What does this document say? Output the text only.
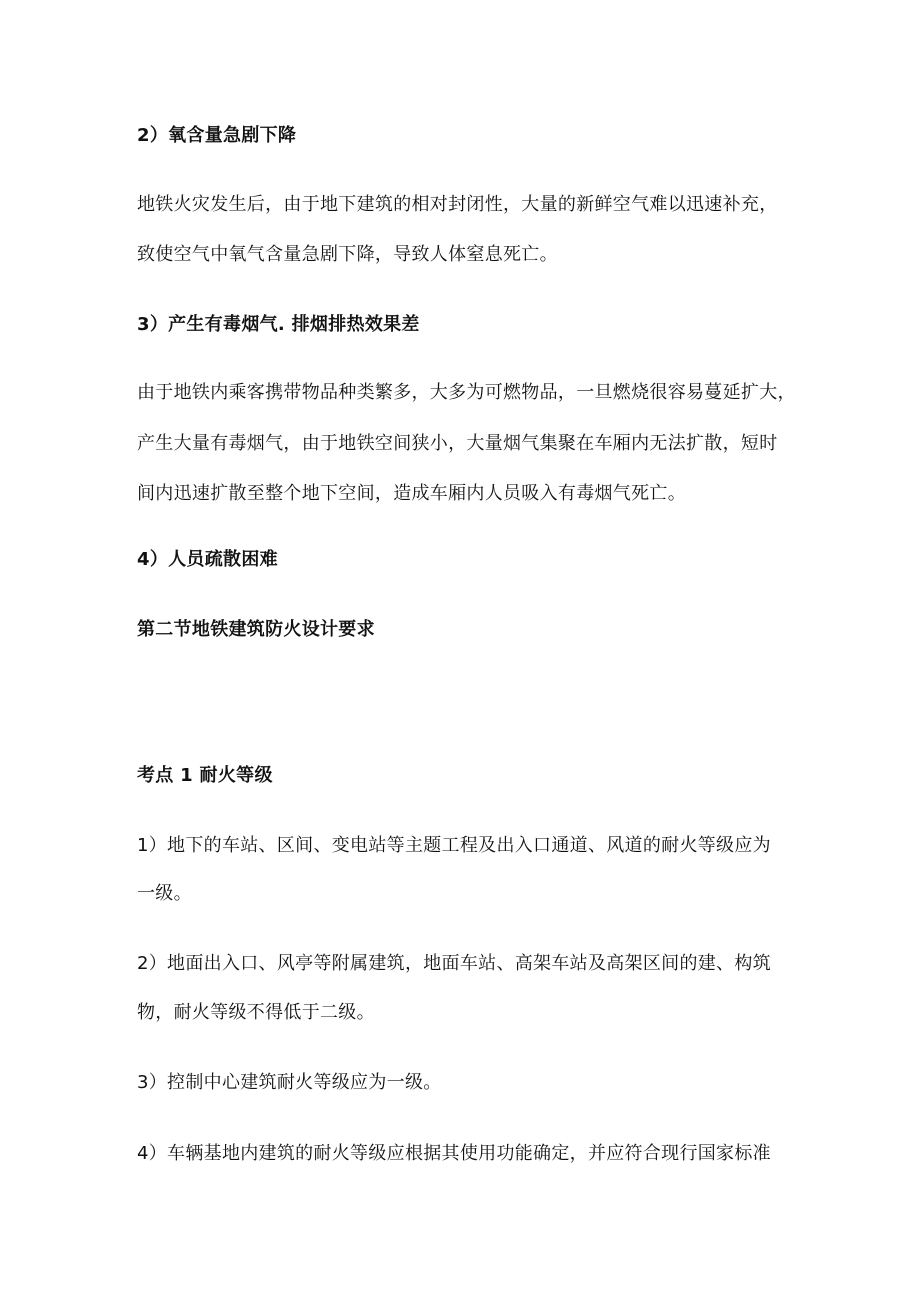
2）氧含量急剧下降
地铁火灾发生后，由于地下建筑的相对封闭性，大量的新鲜空气难以迅速补充，
致使空气中氧气含量急剧下降，导致人体窒息死亡。
3）产生有毒烟气. 排烟排热效果差
由于地铁内乘客携带物品种类繁多，大多为可燃物品，一旦燃烧很容易蔓延扩大，
产生大量有毒烟气，由于地铁空间狭小，大量烟气集聚在车厢内无法扩散，短时
间内迅速扩散至整个地下空间，造成车厢内人员吸入有毒烟气死亡。
4）人员疏散困难
第二节地铁建筑防火设计要求
考点 1 耐火等级
1）地下的车站、区间、变电站等主题工程及出入口通道、风道的耐火等级应为
一级。
2）地面出入口、风亭等附属建筑，地面车站、高架车站及高架区间的建、构筑
物，耐火等级不得低于二级。
3）控制中心建筑耐火等级应为一级。
4）车辆基地内建筑的耐火等级应根据其使用功能确定，并应符合现行国家标准
